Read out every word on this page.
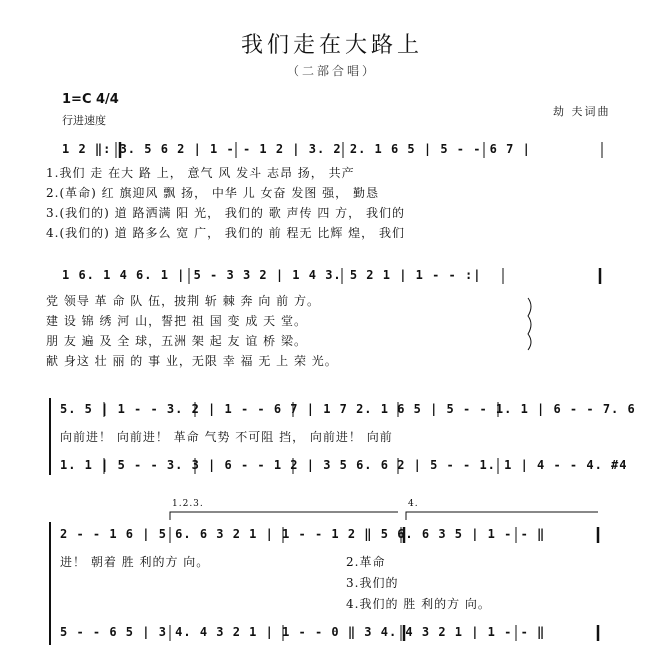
我们走在大路上
（二部合唱）
1=C 4/4
行进速度
劫 夫词曲
1 2 ‖: 3. 5 6 2 | 1 - - 1 2 | 3. 2 2. 1 6 5 | 5 - - 6 7 |
1.我们 走 在大 路 上， 意气 风 发斗 志昂 扬， 共产
2.(革命) 红 旗迎风 飘 扬， 中华 儿 女奋 发图 强， 勤恳
3.(我们的) 道 路洒满 阳 光， 我们的 歌 声传 四 方， 我们的
4.(我们的) 道 路多么 宽 广， 我们的 前 程无 比辉 煌， 我们
1 6. 1 4 6. 1 | 5 - 3 3 2 | 1 4 3. 5 2 1 | 1 - - :|
党 领导 革 命 队 伍，披荆 斩 棘 奔 向 前 方。
建 设 锦 绣 河 山，誓把 祖 国 变 成 天 堂。
朋 友 遍 及 全 球，五洲 架 起 友 谊 桥 梁。
献 身这 壮 丽 的 事 业，无限 幸 福 无 上 荣 光。
5. 5 | 1 - - 3. 2 | 1 - - 6 7 | 1 7 2. 1 6 5 | 5 - - 1. 1 | 6 - - 7. 6
向前进！ 向前进！ 革命 气势 不可阻 挡， 向前进！ 向前
1. 1 | 5 - - 3. 3 | 6 - - 1 2 | 3 5 6. 6 2 | 5 - - 1. 1 | 4 - - 4. #4
1.2.3.	4.
2 - - 1 6 | 5 6. 6 3 2 1 | 1 - - 1 2 ‖ 5 6. 6 3 5 | 1 - - ‖
进！ 朝着 胜 利的方 向。	2.革命
3.我们的
4.我们的 胜 利的方 向。
5 - - 6 5 | 3 4. 4 3 2 1 | 1 - - 0 ‖ 3 4. 4 3 2 1 | 1 - - ‖
